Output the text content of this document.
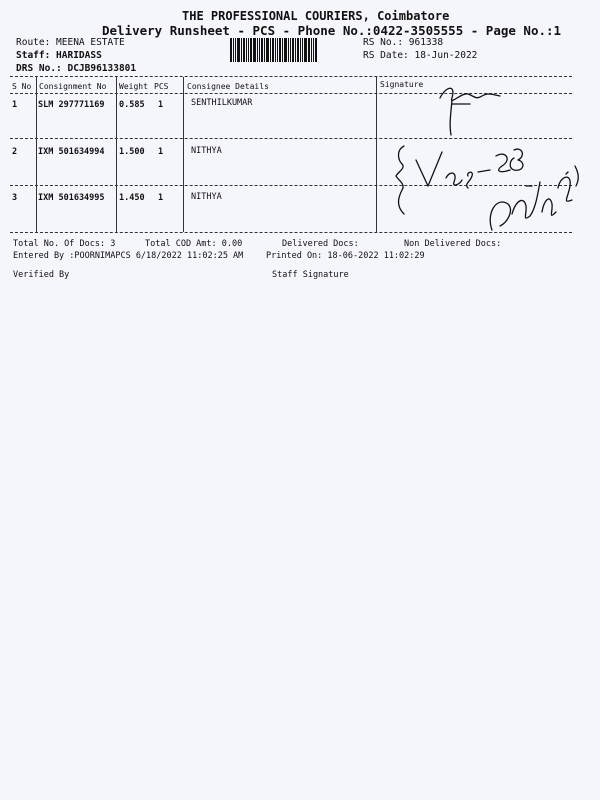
THE PROFESSIONAL COURIERS, Coimbatore
Delivery Runsheet - PCS - Phone No.:0422-3505555 - Page No.:1
Route: MEENA ESTATE
Staff: HARIDASS
DRS No.: DCJB96133801
RS No.: 961338
RS Date: 18-Jun-2022
S No Consignment No Weight PCS Consignee Details	Signature
1 SLM 297771169 0.585 1	SENTHILKUMAR
2 IXM 501634994 1.500 1	NITHYA
3 IXM 501634995 1.450 1	NITHYA
Total No. Of Docs: 3	Total COD Amt: 0.00	Delivered Docs:	Non Delivered Docs:
Entered By :POORNIMAPCS 6/18/2022 11:02:25 AM	Printed On: 18-06-2022 11:02:29
Verified By	Staff Signature
